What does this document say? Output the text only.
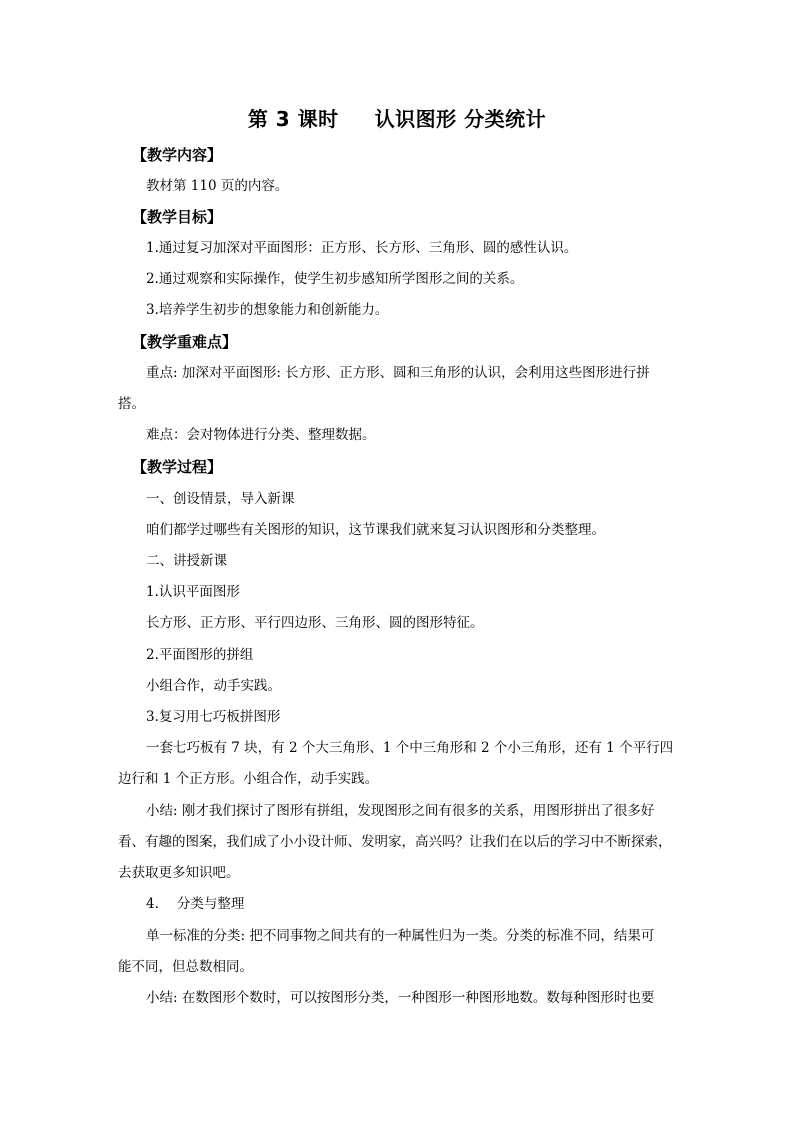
第 3 课时 认识图形 分类统计
【教学内容】
教材第 110 页的内容。
【教学目标】
1.通过复习加深对平面图形：正方形、长方形、三角形、圆的感性认识。
2.通过观察和实际操作，使学生初步感知所学图形之间的关系。
3.培养学生初步的想象能力和创新能力。
【教学重难点】
重点: 加深对平面图形: 长方形、正方形、圆和三角形的认识，会利用这些图形进行拼
搭。
难点：会对物体进行分类、整理数据。
【教学过程】
一、创设情景，导入新课
咱们都学过哪些有关图形的知识，这节课我们就来复习认识图形和分类整理。
二、讲授新课
1.认识平面图形
长方形、正方形、平行四边形、三角形、圆的图形特征。
2.平面图形的拼组
小组合作，动手实践。
3.复习用七巧板拼图形
一套七巧板有 7 块，有 2 个大三角形、1 个中三角形和 2 个小三角形，还有 1 个平行四
边行和 1 个正方形。小组合作，动手实践。
小结: 刚才我们探讨了图形有拼组，发现图形之间有很多的关系，用图形拼出了很多好
看、有趣的图案，我们成了小小设计师、发明家，高兴吗？让我们在以后的学习中不断探索，
去获取更多知识吧。
4. 分类与整理
单一标准的分类: 把不同事物之间共有的一种属性归为一类。分类的标准不同，结果可
能不同，但总数相同。
小结: 在数图形个数时，可以按图形分类，一种图形一种图形地数。数每种图形时也要
